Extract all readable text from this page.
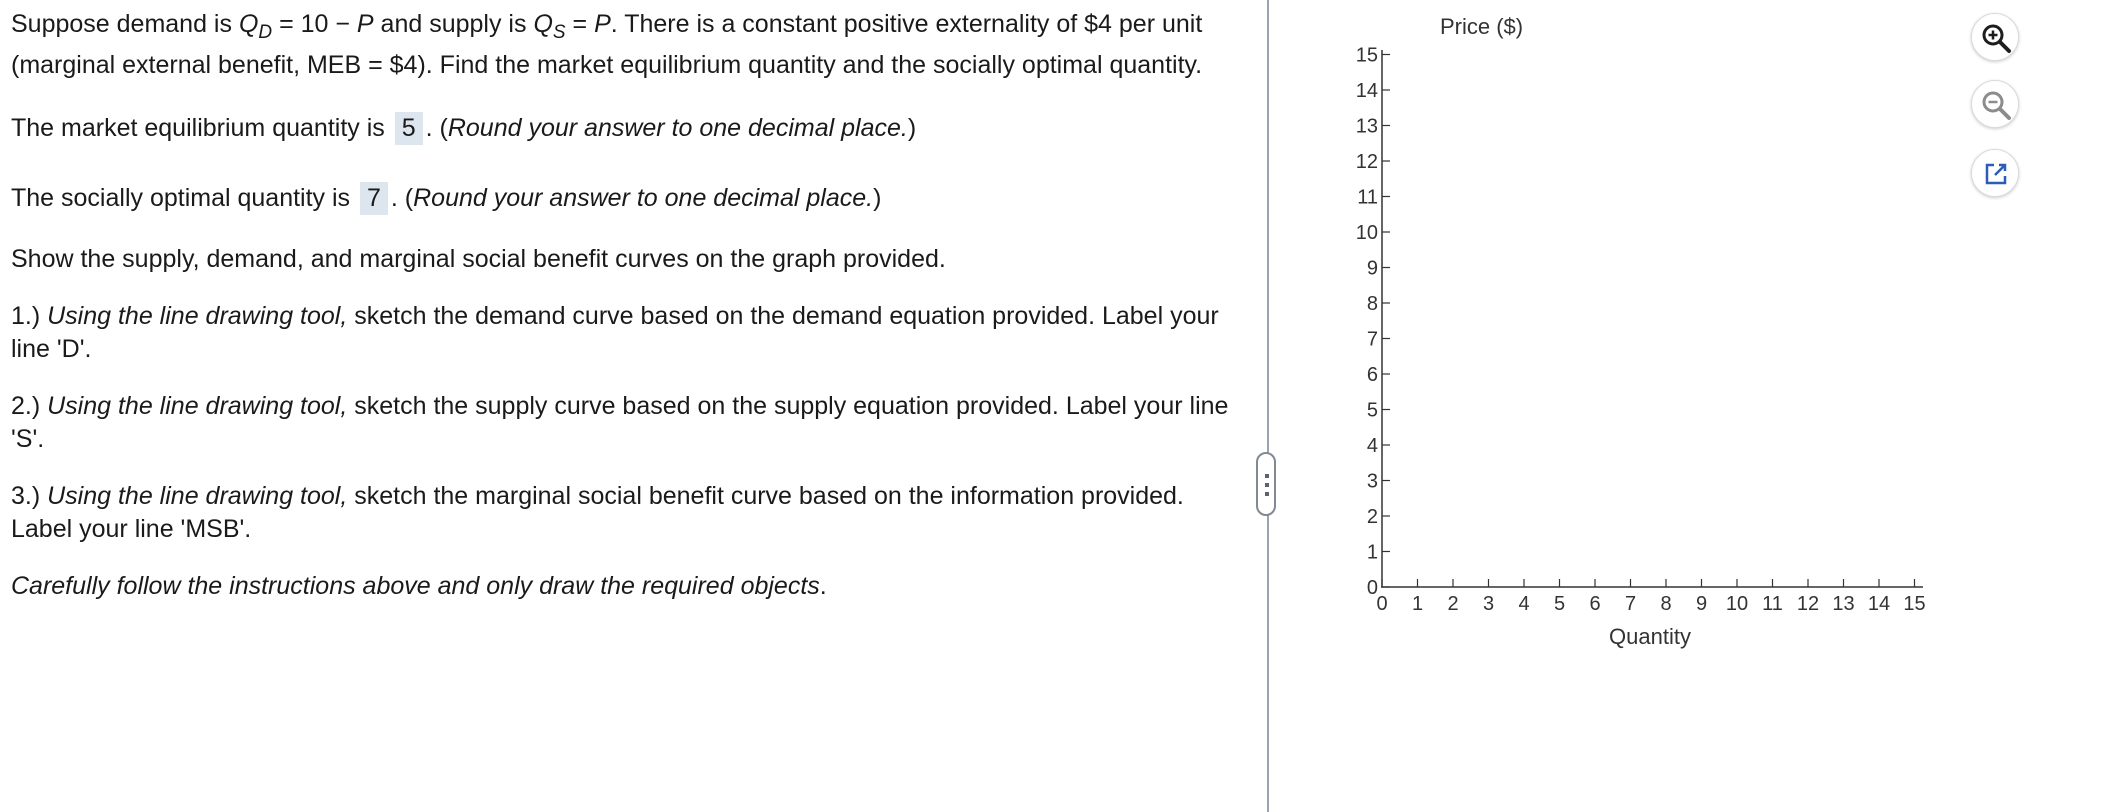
Suppose demand is $Q_D = 10 - P$ and supply is $Q_S = P$. There is a constant positive externality of $4 per unit (marginal external benefit, MEB = $4). Find the market equilibrium quantity and the socially optimal quantity.

The market equilibrium quantity is 5 . (Round your answer to one decimal place.)

The socially optimal quantity is 7 . (Round your answer to one decimal place.)

Show the supply, demand, and marginal social benefit curves on the graph provided.

1.) Using the line drawing tool, sketch the demand curve based on the demand equation provided. Label your line 'D'.

2.) Using the line drawing tool, sketch the supply curve based on the supply equation provided. Label your line 'S'.

3.) Using the line drawing tool, sketch the marginal social benefit curve based on the information provided. Label your line 'MSB'.

Carefully follow the instructions above and only draw the required objects.

Price ($)
Quantity
0 1 2 3 4 5 6 7 8 9 10 11 12 13 14 15
0
1
2
3
4
5
6
7
8
9
10
11
12
13
14
15
